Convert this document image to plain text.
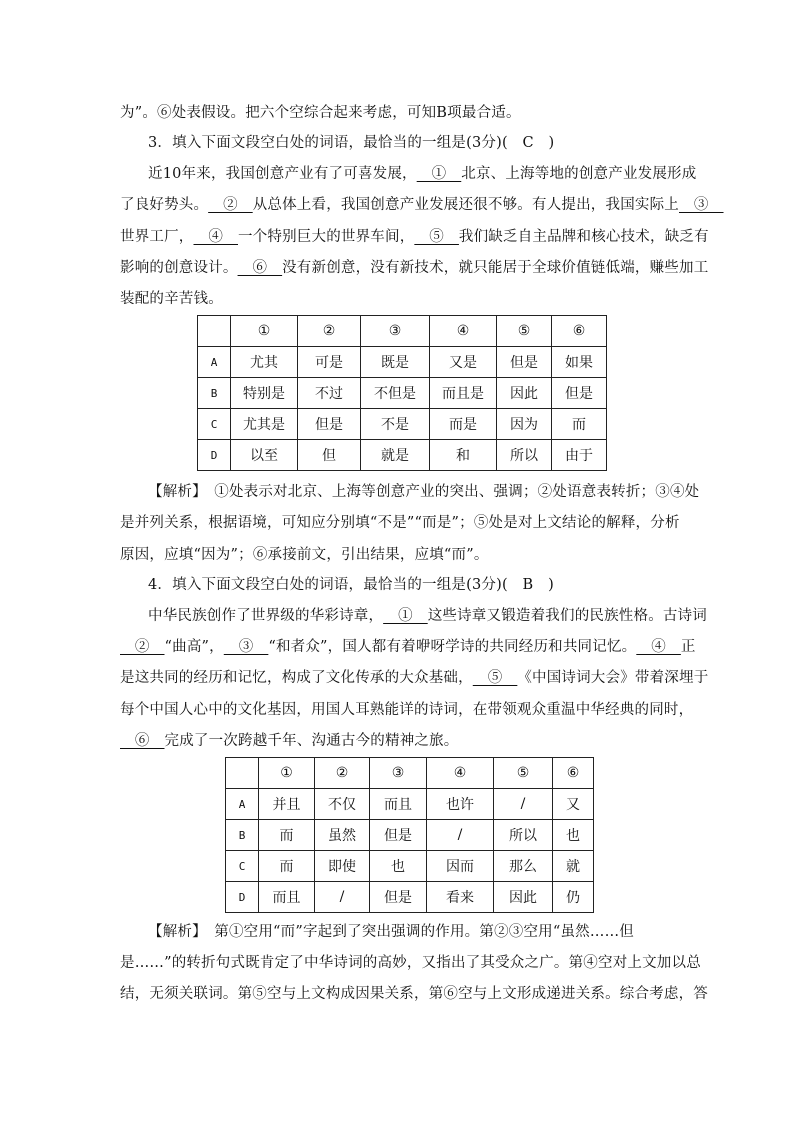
为”。⑥处表假设。把六个空综合起来考虑，可知B项最合适。
3．填入下面文段空白处的词语，最恰当的一组是(3分)(　C　)
近10年来，我国创意产业有了可喜发展，__①__北京、上海等地的创意产业发展形成
了良好势头。__②__从总体上看，我国创意产业发展还很不够。有人提出，我国实际上__③__
世界工厂，__④__一个特别巨大的世界车间，__⑤__我们缺乏自主品牌和核心技术，缺乏有
影响的创意设计。__⑥__没有新创意，没有新技术，就只能居于全球价值链低端，赚些加工
装配的辛苦钱。
	①	②	③	④	⑤	⑥
A	尤其	可是	既是	又是	但是	如果
B	特别是	不过	不但是	而且是	因此	但是
C	尤其是	但是	不是	而是	因为	而
D	以至	但	就是	和	所以	由于
【解析】　①处表示对北京、上海等创意产业的突出、强调；②处语意表转折；③④处
是并列关系，根据语境，可知应分别填“不是”“而是”；⑤处是对上文结论的解释，分析
原因，应填“因为”；⑥承接前文，引出结果，应填“而”。
4．填入下面文段空白处的词语，最恰当的一组是(3分)(　B　)
中华民族创作了世界级的华彩诗章，__①__这些诗章又锻造着我们的民族性格。古诗词
__②__“曲高”，__③__“和者众”，国人都有着咿呀学诗的共同经历和共同记忆。__④__正
是这共同的经历和记忆，构成了文化传承的大众基础，__⑤__《中国诗词大会》带着深埋于
每个中国人心中的文化基因，用国人耳熟能详的诗词，在带领观众重温中华经典的同时，
__⑥__完成了一次跨越千年、沟通古今的精神之旅。
	①	②	③	④	⑤	⑥
A	并且	不仅	而且	也许	/	又
B	而	虽然	但是	/	所以	也
C	而	即使	也	因而	那么	就
D	而且	/	但是	看来	因此	仍
【解析】　第①空用“而”字起到了突出强调的作用。第②③空用“虽然……但
是……”的转折句式既肯定了中华诗词的高妙，又指出了其受众之广。第④空对上文加以总
结，无须关联词。第⑤空与上文构成因果关系，第⑥空与上文形成递进关系。综合考虑，答
